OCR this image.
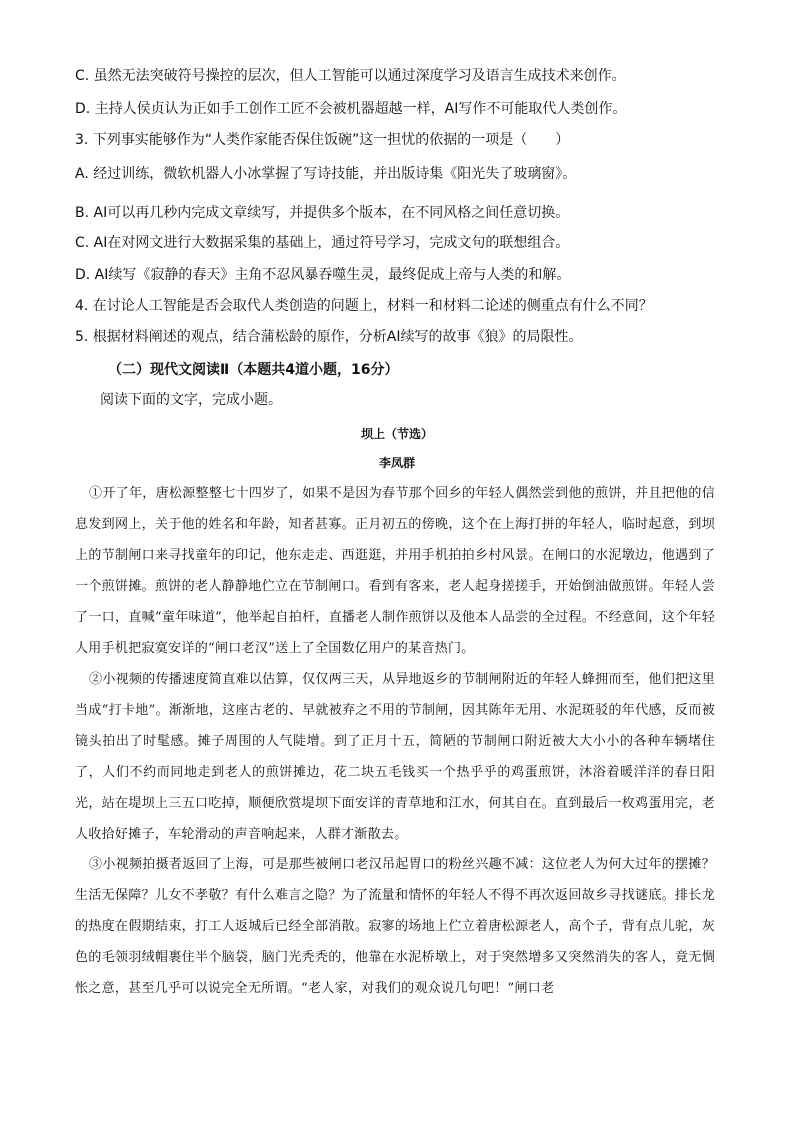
C. 虽然无法突破符号操控的层次，但人工智能可以通过深度学习及语言生成技术来创作。
D. 主持人侯贞认为正如手工创作工匠不会被机器超越一样，AI写作不可能取代人类创作。
3. 下列事实能够作为“人类作家能否保住饭碗”这一担忧的依据的一项是（　　）
A. 经过训练，微软机器人小冰掌握了写诗技能，并出版诗集《阳光失了玻璃窗》。
B. AI可以再几秒内完成文章续写，并提供多个版本，在不同风格之间任意切换。
C. AI在对网文进行大数据采集的基础上，通过符号学习，完成文句的联想组合。
D. AI续写《寂静的春天》主角不忍风暴吞噬生灵，最终促成上帝与人类的和解。
4. 在讨论人工智能是否会取代人类创造的问题上，材料一和材料二论述的侧重点有什么不同？
5. 根据材料阐述的观点，结合蒲松龄的原作，分析AI续写的故事《狼》的局限性。
（二）现代文阅读Ⅱ（本题共4道小题，16分）
阅读下面的文字，完成小题。
坝上（节选）
李凤群

①开了年，唐松源整整七十四岁了，如果不是因为春节那个回乡的年轻人偶然尝到他的煎饼，并且把他的信息发到网上，关于他的姓名和年龄，知者甚寡。正月初五的傍晚，这个在上海打拼的年轻人，临时起意，到坝上的节制闸口来寻找童年的印记，他东走走、西逛逛，并用手机拍拍乡村风景。在闸口的水泥墩边，他遇到了一个煎饼摊。煎饼的老人静静地伫立在节制闸口。看到有客来，老人起身搓搓手，开始倒油做煎饼。年轻人尝了一口，直喊“童年味道”，他举起自拍杆，直播老人制作煎饼以及他本人品尝的全过程。不经意间，这个年轻人用手机把寂寞安详的“闸口老汉”送上了全国数亿用户的某音热门。

②小视频的传播速度简直难以估算，仅仅两三天，从异地返乡的节制闸附近的年轻人蜂拥而至，他们把这里当成“打卡地”。渐渐地，这座古老的、早就被弃之不用的节制闸，因其陈年无用、水泥斑驳的年代感，反而被镜头拍出了时髦感。摊子周围的人气陡增。到了正月十五，简陋的节制闸口附近被大大小小的各种车辆堵住了，人们不约而同地走到老人的煎饼摊边，花二块五毛钱买一个热乎乎的鸡蛋煎饼，沐浴着暖洋洋的春日阳光，站在堤坝上三五口吃掉，顺便欣赏堤坝下面安详的青草地和江水，何其自在。直到最后一枚鸡蛋用完，老人收拾好摊子，车轮滑动的声音响起来，人群才渐散去。

③小视频拍摄者返回了上海，可是那些被闸口老汉吊起胃口的粉丝兴趣不减：这位老人为何大过年的摆摊？生活无保障？儿女不孝敬？有什么难言之隐？为了流量和情怀的年轻人不得不再次返回故乡寻找谜底。排长龙的热度在假期结束，打工人返城后已经全部消散。寂寥的场地上伫立着唐松源老人，高个子，背有点儿驼，灰色的毛领羽绒帽裹住半个脑袋，脑门光秃秃的，他靠在水泥桥墩上，对于突然增多又突然消失的客人，竟无惆怅之意，甚至几乎可以说完全无所谓。“老人家，对我们的观众说几句吧！”闸口老
